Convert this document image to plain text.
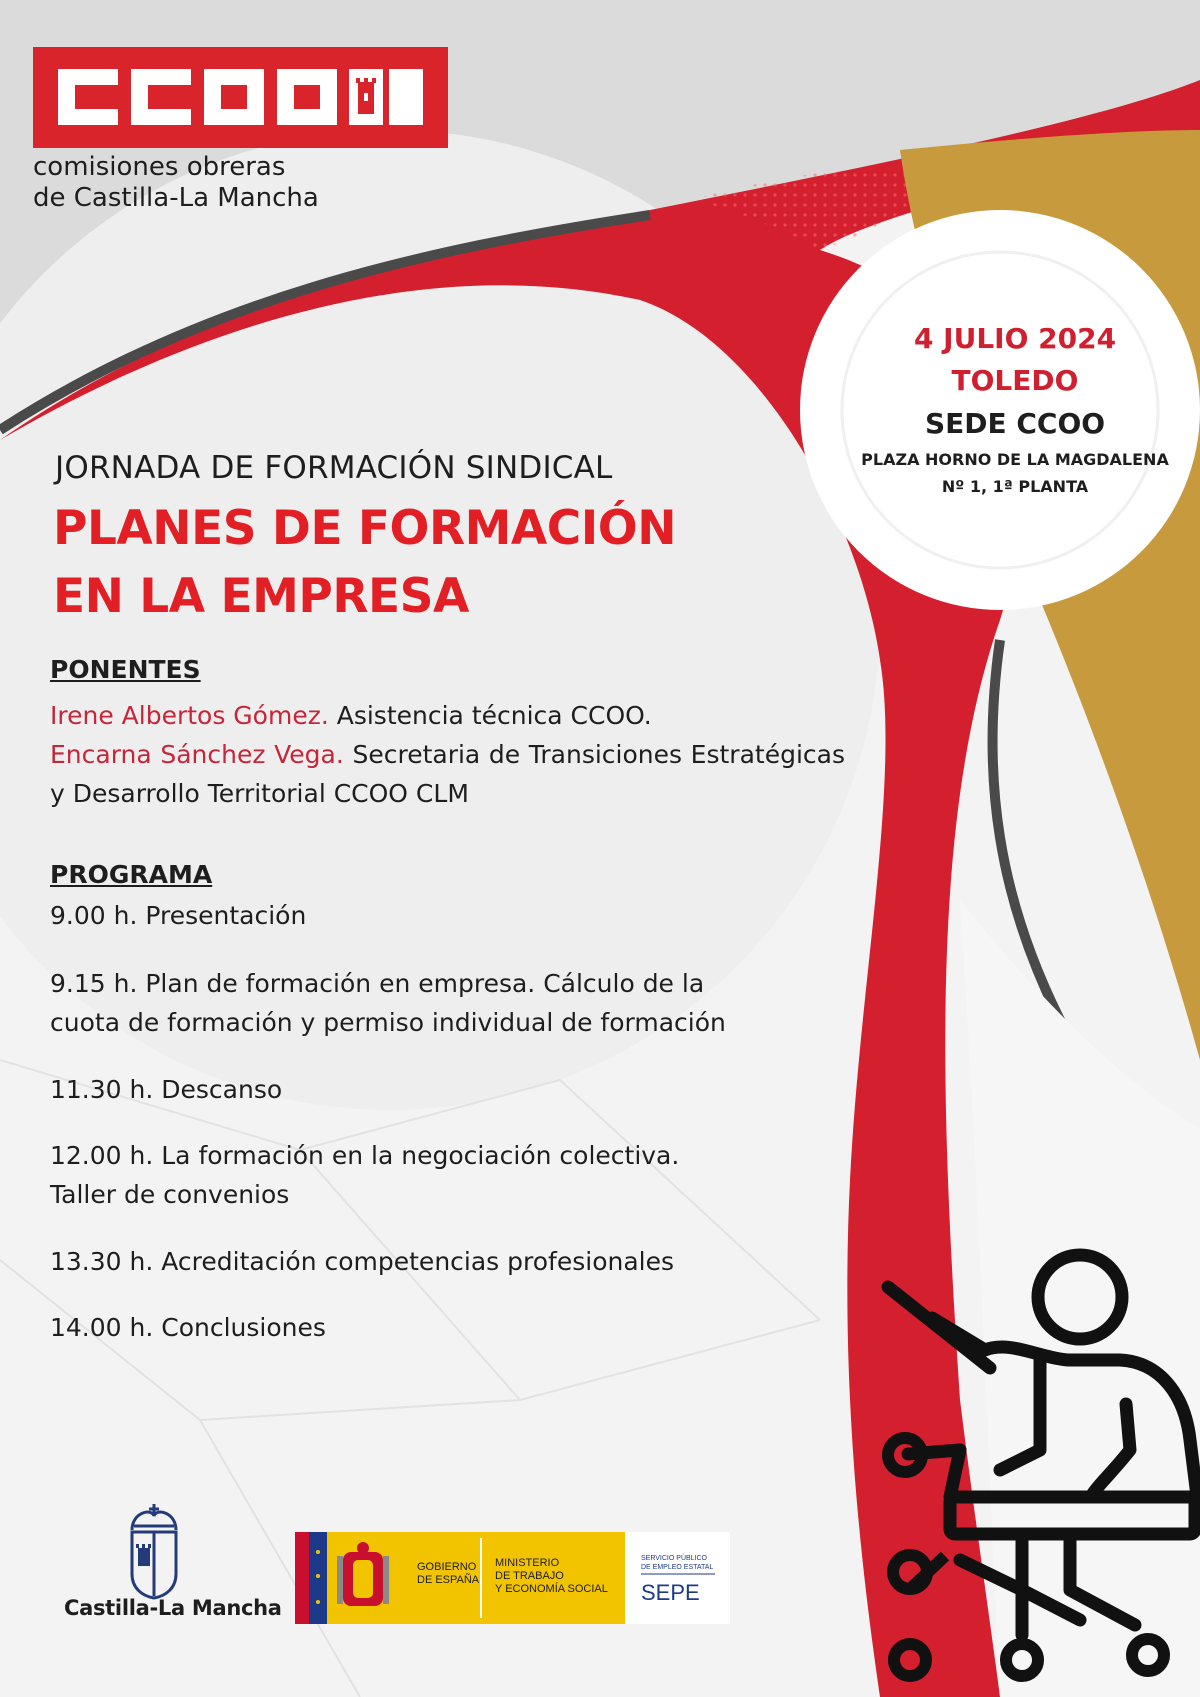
comisiones obreras
de Castilla-La Mancha
4 JULIO 2024
TOLEDO
SEDE CCOO
PLAZA HORNO DE LA MAGDALENA
Nº 1, 1ª PLANTA
JORNADA DE FORMACIÓN SINDICAL
PLANES DE FORMACIÓN
EN LA EMPRESA
PONENTES
Irene Albertos Gómez. Asistencia técnica CCOO.
Encarna Sánchez Vega. Secretaria de Transiciones Estratégicas y Desarrollo Territorial CCOO CLM
PROGRAMA
9.00 h. Presentación
9.15 h. Plan de formación en empresa. Cálculo de la
cuota de formación y permiso individual de formación
11.30 h. Descanso
12.00 h. La formación en la negociación colectiva.
Taller de convenios
13.30 h. Acreditación competencias profesionales
14.00 h. Conclusiones
Castilla-La Mancha
GOBIERNO
DE ESPAÑA
MINISTERIO
DE TRABAJO
Y ECONOMÍA SOCIAL
SERVICIO PÚBLICO
DE EMPLEO ESTATAL
SEPE
